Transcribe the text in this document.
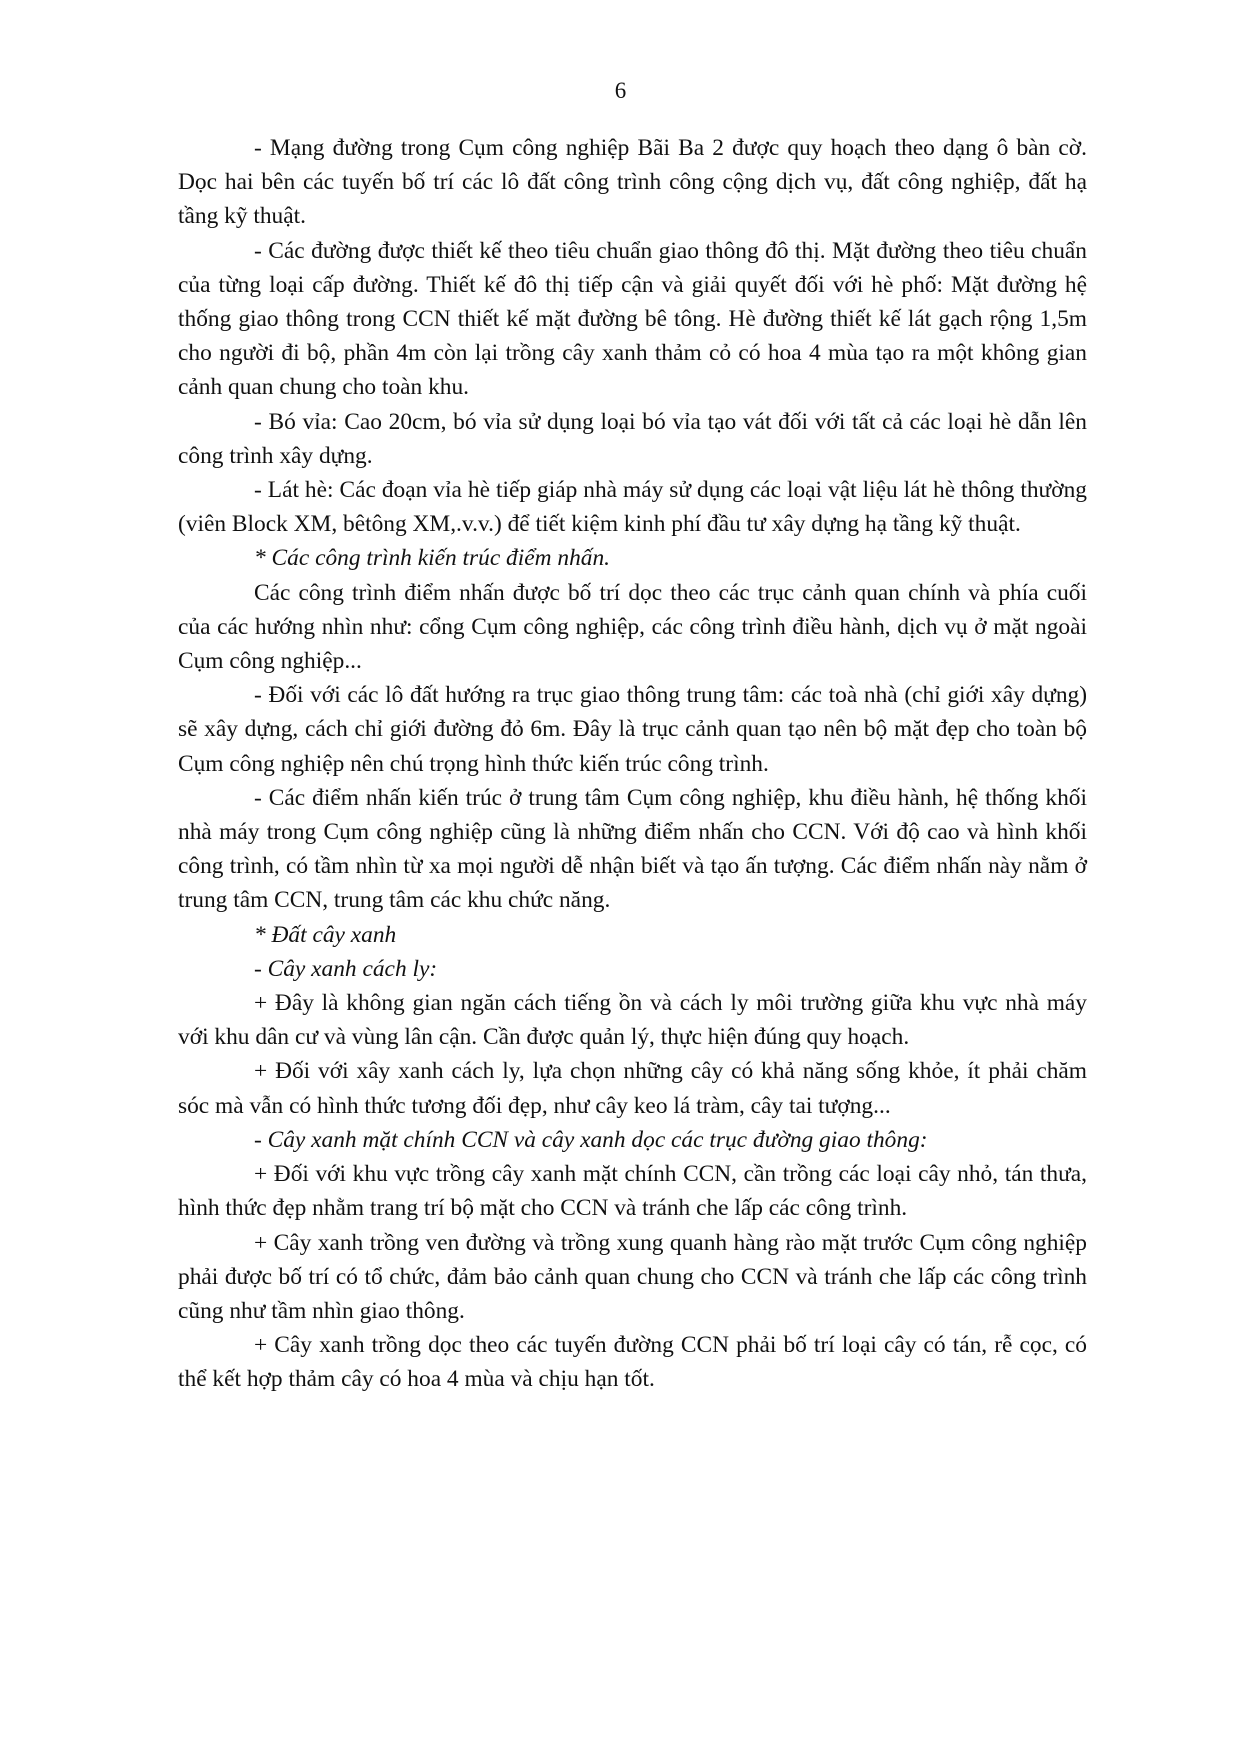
6

- Mạng đường trong Cụm công nghiệp Bãi Ba 2 được quy hoạch theo dạng ô bàn cờ. Dọc hai bên các tuyến bố trí các lô đất công trình công cộng dịch vụ, đất công nghiệp, đất hạ tầng kỹ thuật.

- Các đường được thiết kế theo tiêu chuẩn giao thông đô thị. Mặt đường theo tiêu chuẩn của từng loại cấp đường. Thiết kế đô thị tiếp cận và giải quyết đối với hè phố: Mặt đường hệ thống giao thông trong CCN thiết kế mặt đường bê tông. Hè đường thiết kế lát gạch rộng 1,5m cho người đi bộ, phần 4m còn lại trồng cây xanh thảm cỏ có hoa 4 mùa tạo ra một không gian cảnh quan chung cho toàn khu.

- Bó vỉa: Cao 20cm, bó vỉa sử dụng loại bó vỉa tạo vát đối với tất cả các loại hè dẫn lên công trình xây dựng.

- Lát hè: Các đoạn vỉa hè tiếp giáp nhà máy sử dụng các loại vật liệu lát hè thông thường (viên Block XM, bêtông XM,.v.v.) để tiết kiệm kinh phí đầu tư xây dựng hạ tầng kỹ thuật.

* Các công trình kiến trúc điểm nhấn.

Các công trình điểm nhấn được bố trí dọc theo các trục cảnh quan chính và phía cuối của các hướng nhìn như: cổng Cụm công nghiệp, các công trình điều hành, dịch vụ ở mặt ngoài Cụm công nghiệp...

- Đối với các lô đất hướng ra trục giao thông trung tâm: các toà nhà (chỉ giới xây dựng) sẽ xây dựng, cách chỉ giới đường đỏ 6m. Đây là trục cảnh quan tạo nên bộ mặt đẹp cho toàn bộ Cụm công nghiệp nên chú trọng hình thức kiến trúc công trình.

- Các điểm nhấn kiến trúc ở trung tâm Cụm công nghiệp, khu điều hành, hệ thống khối nhà máy trong Cụm công nghiệp cũng là những điểm nhấn cho CCN. Với độ cao và hình khối công trình, có tầm nhìn từ xa mọi người dễ nhận biết và tạo ấn tượng. Các điểm nhấn này nằm ở trung tâm CCN, trung tâm các khu chức năng.

* Đất cây xanh

- Cây xanh cách ly:

+ Đây là không gian ngăn cách tiếng ồn và cách ly môi trường giữa khu vực nhà máy với khu dân cư và vùng lân cận. Cần được quản lý, thực hiện đúng quy hoạch.

+ Đối với xây xanh cách ly, lựa chọn những cây có khả năng sống khỏe, ít phải chăm sóc mà vẫn có hình thức tương đối đẹp, như cây keo lá tràm, cây tai tượng...

- Cây xanh mặt chính CCN và cây xanh dọc các trục đường giao thông:

+ Đối với khu vực trồng cây xanh mặt chính CCN, cần trồng các loại cây nhỏ, tán thưa, hình thức đẹp nhằm trang trí bộ mặt cho CCN và tránh che lấp các công trình.

+ Cây xanh trồng ven đường và trồng xung quanh hàng rào mặt trước Cụm công nghiệp phải được bố trí có tổ chức, đảm bảo cảnh quan chung cho CCN và tránh che lấp các công trình cũng như tầm nhìn giao thông.

+ Cây xanh trồng dọc theo các tuyến đường CCN phải bố trí loại cây có tán, rễ cọc, có thể kết hợp thảm cây có hoa 4 mùa và chịu hạn tốt.
